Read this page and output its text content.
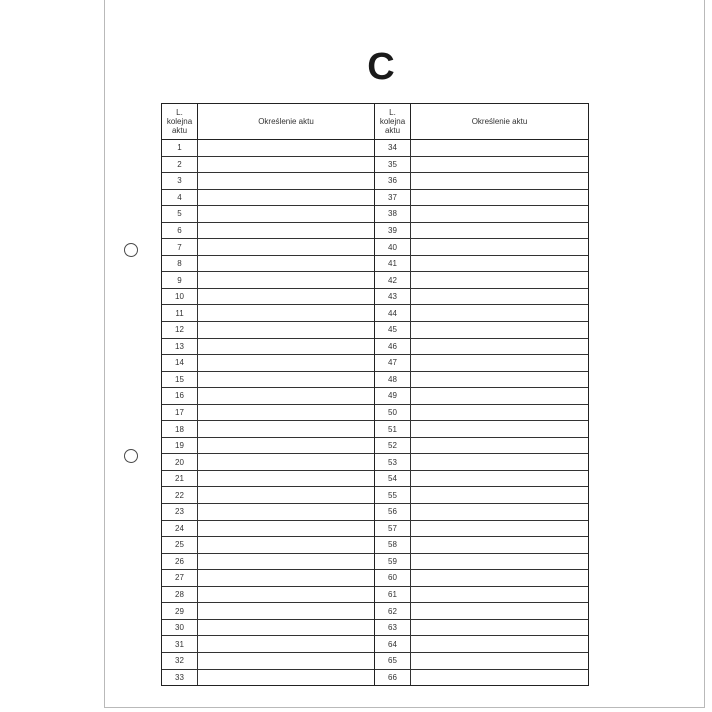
C
L.
kolejna
aktu
Określenie aktu
1
2
3
4
5
6
7
8
9
10
11
12
13
14
15
16
17
18
19
20
21
22
23
24
25
26
27
28
29
30
31
32
33
L.
kolejna
aktu
Określenie aktu
34
35
36
37
38
39
40
41
42
43
44
45
46
47
48
49
50
51
52
53
54
55
56
57
58
59
60
61
62
63
64
65
66
